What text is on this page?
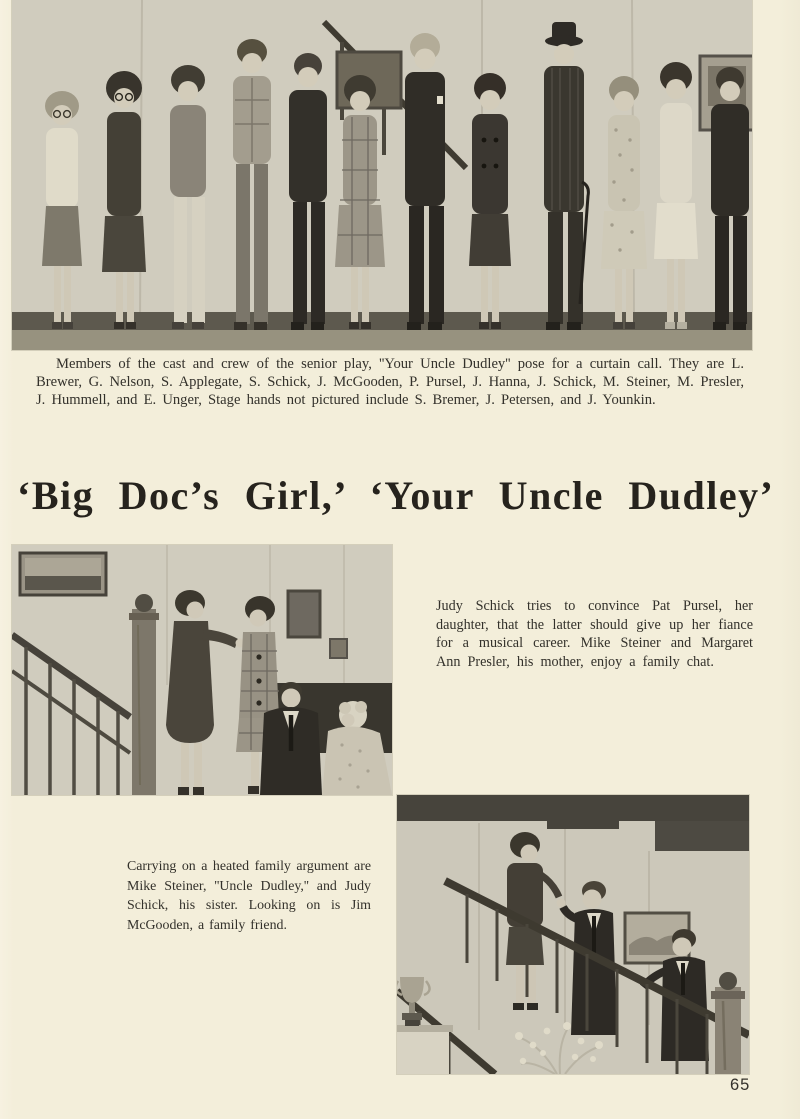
Members of the cast and crew of the senior play, ''Your Uncle Dudley'' pose for a curtain call. They are L. Brewer, G. Nelson, S. Applegate, S. Schick, J. McGooden, P. Pursel, J. Hanna, J. Schick, M. Steiner, M. Presler, J. Hummell, and E. Unger, Stage hands not pictured include S. Bremer, J. Petersen, and J. Younkin.

‘Big Doc’s Girl,’ ‘Your Uncle Dudley’

Judy Schick tries to convince Pat Pursel, her daughter, that the latter should give up her fiance for a musical career. Mike Steiner and Margaret Ann Presler, his mother, enjoy a family chat.

Carrying on a heated family argument are Mike Steiner, ''Uncle Dudley,'' and Judy Schick, his sister. Looking on is Jim McGooden, a family friend.

65
